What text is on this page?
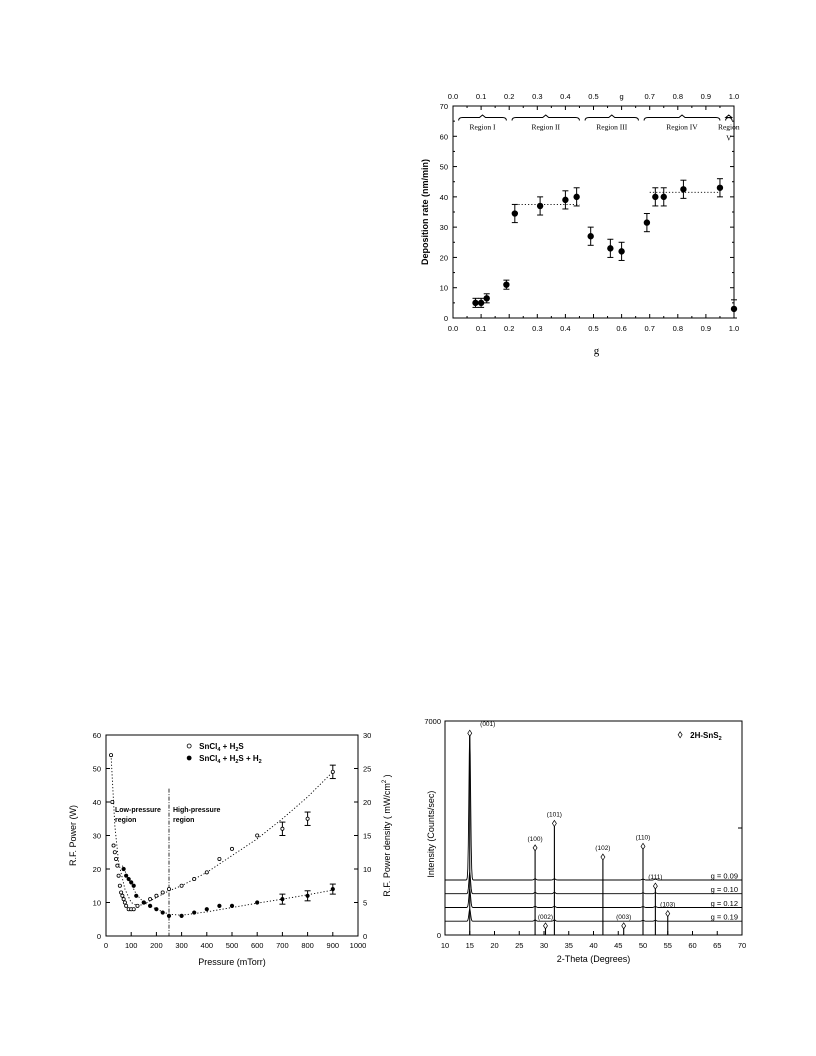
0.0 0.1 0.2 0.3 0.4 0.5 0.6 0.7 0.8 0.9 1.0
0.0 0.1 0.2 0.3 0.4 0.5	g	0.7 0.8 0.9 1.0
0
10
20
30
40
50
60
70
g
Deposition rate (nm/min)
Region I	Region II	Region III	Region IV	Region
V
0 100 200 300 400 500 600 700 800 900 1000
0
10
20
30
40
50
60
0
5
10
15
20
25
30
Pressure (mTorr)
R.F. Power (W)	R.F. Power density ( $mW/cm^2$ )
Low-pressure
region
High-pressure
region
SnCl$_4$ + $H_2S$
SnCl$_4$ + $H_2S + H_2$
10 15 20 25 30 35 40 45 50 55 60 65 70
0
7000
2-Theta (Degrees)
Intensity (Counts/sec)
2H-SnS$_2$
g = 0.09
g = 0.10
g = 0.12
g = 0.19
(001)
(100)
(002)
(101)
(102)
(003)
(110)
(111)
(103)
